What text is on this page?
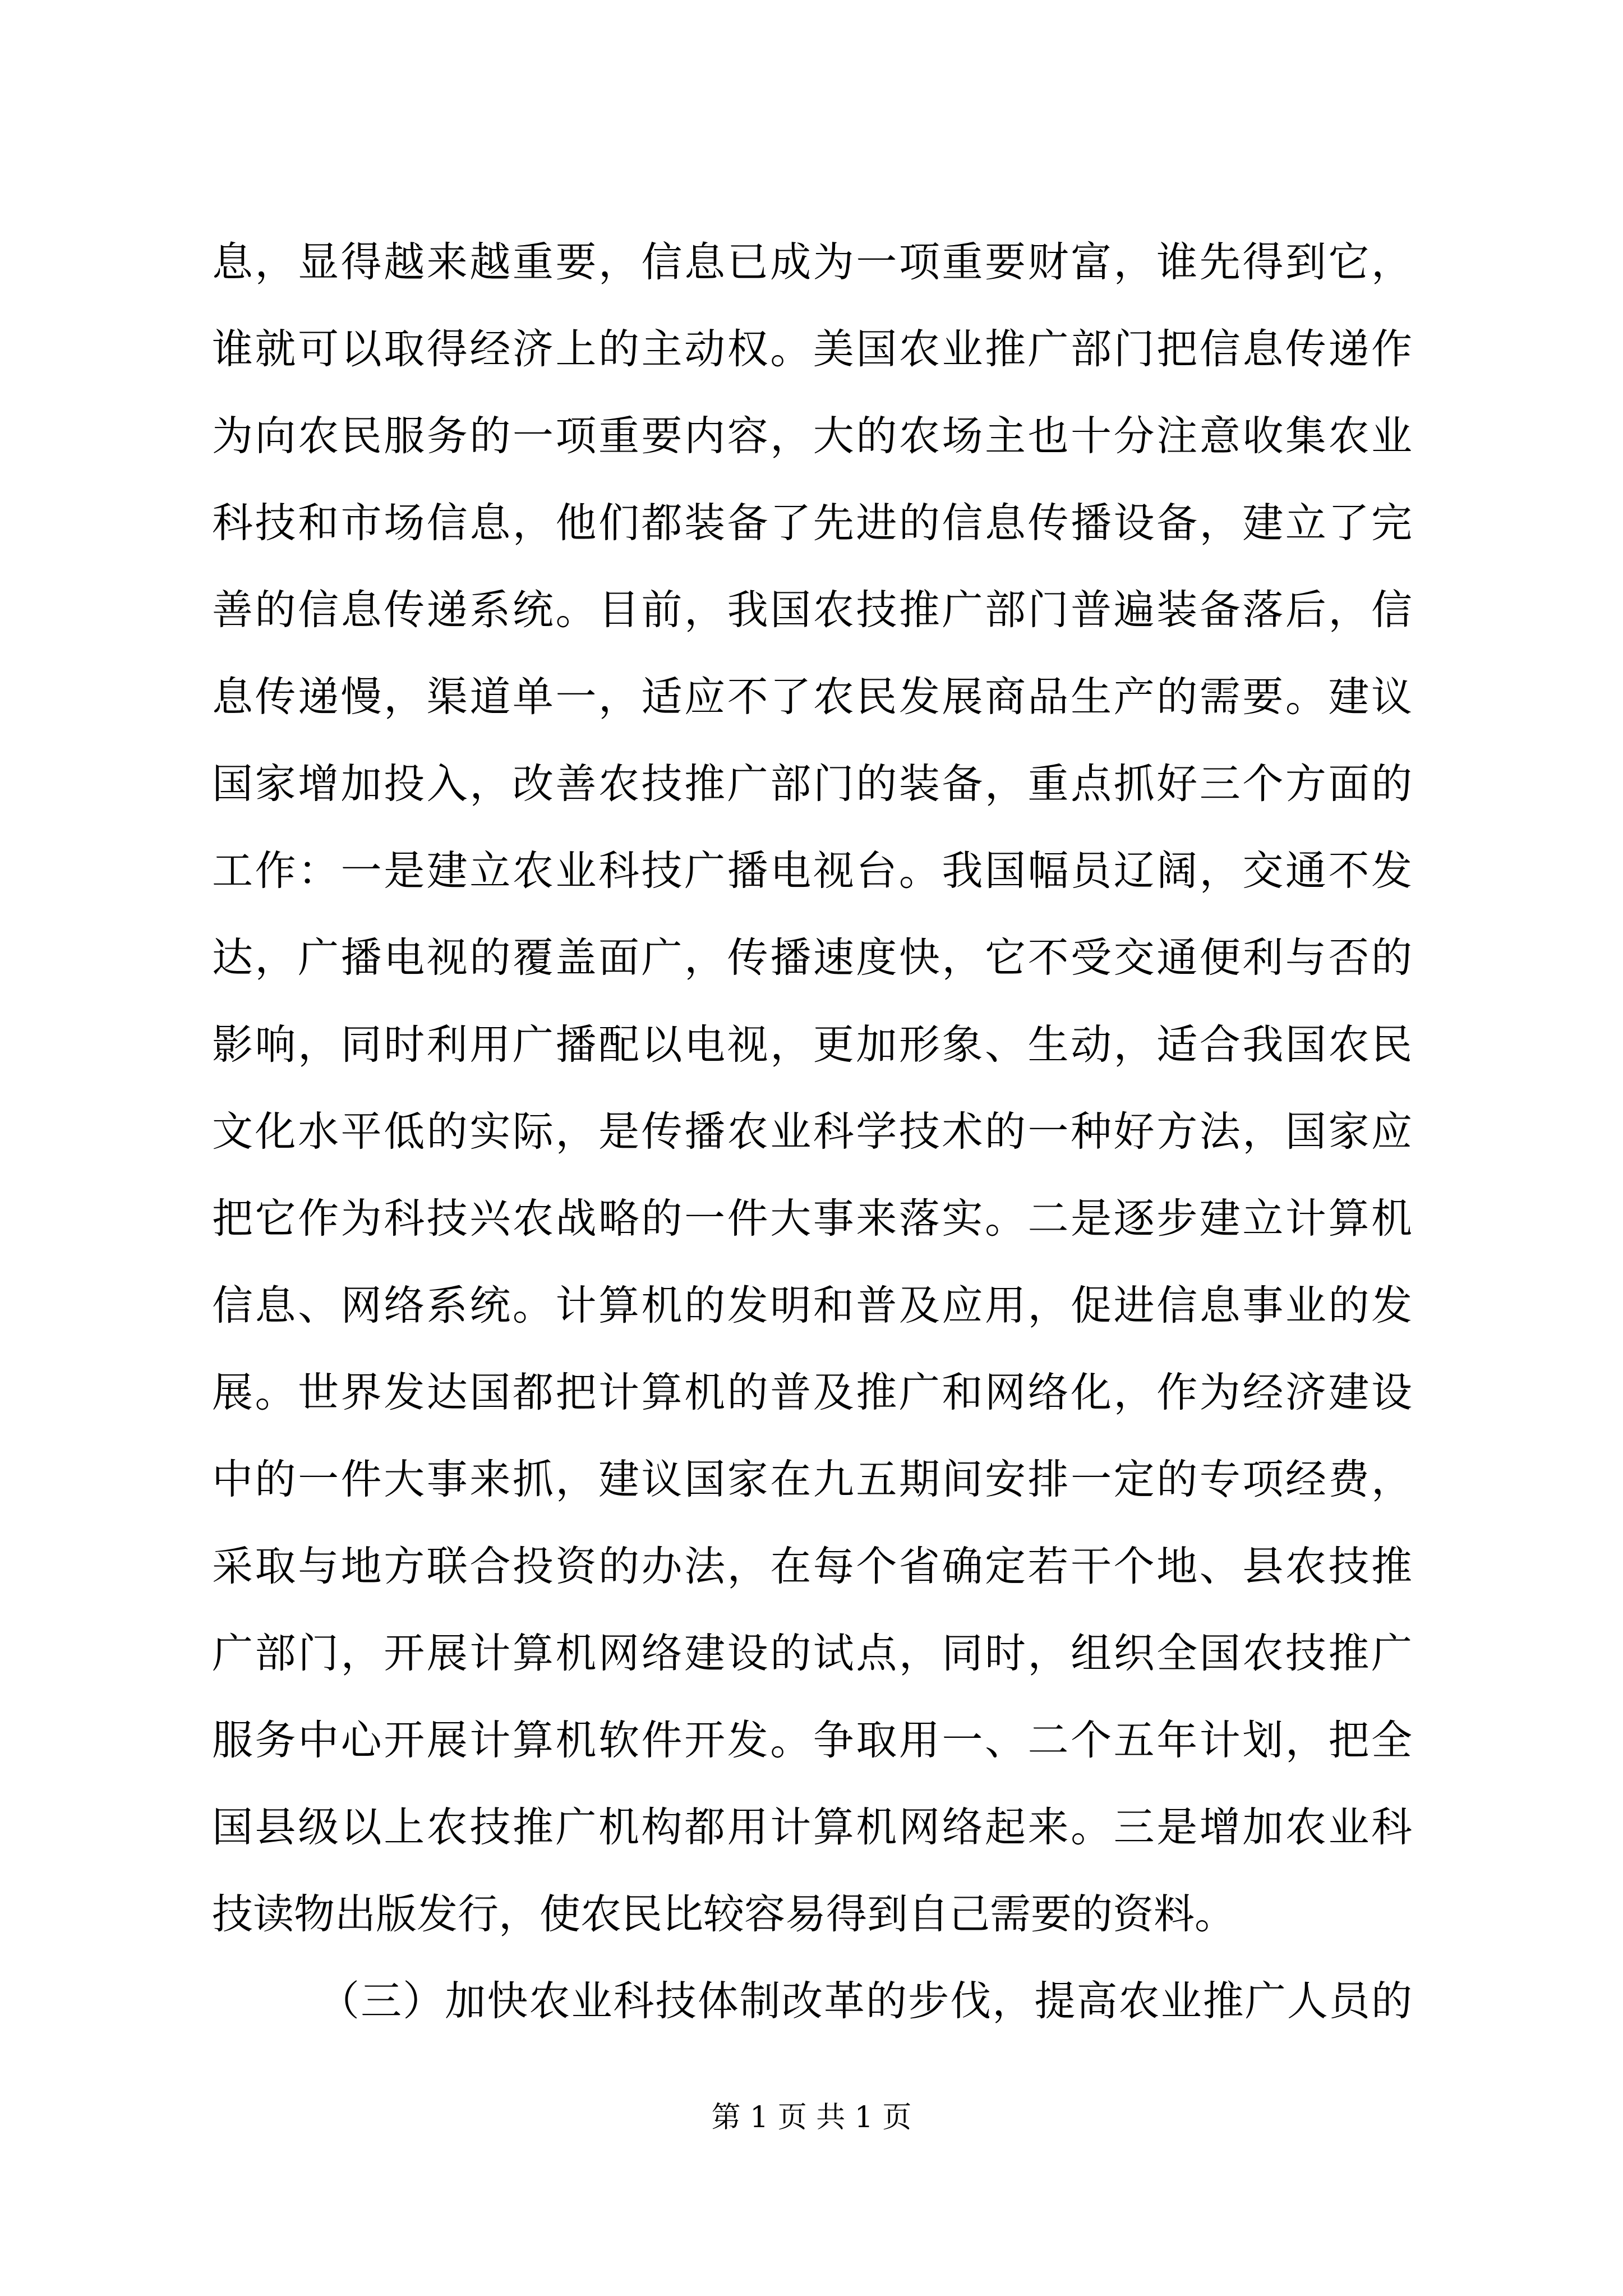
息，显得越来越重要，信息已成为一项重要财富，谁先得到它，
谁就可以取得经济上的主动权。美国农业推广部门把信息传递作
为向农民服务的一项重要内容，大的农场主也十分注意收集农业
科技和市场信息，他们都装备了先进的信息传播设备，建立了完
善的信息传递系统。目前，我国农技推广部门普遍装备落后，信
息传递慢，渠道单一，适应不了农民发展商品生产的需要。建议
国家增加投入，改善农技推广部门的装备，重点抓好三个方面的
工作：一是建立农业科技广播电视台。我国幅员辽阔，交通不发
达，广播电视的覆盖面广，传播速度快，它不受交通便利与否的
影响，同时利用广播配以电视，更加形象、生动，适合我国农民
文化水平低的实际，是传播农业科学技术的一种好方法，国家应
把它作为科技兴农战略的一件大事来落实。二是逐步建立计算机
信息、网络系统。计算机的发明和普及应用，促进信息事业的发
展。世界发达国都把计算机的普及推广和网络化，作为经济建设
中的一件大事来抓，建议国家在九五期间安排一定的专项经费，
采取与地方联合投资的办法，在每个省确定若干个地、县农技推
广部门，开展计算机网络建设的试点，同时，组织全国农技推广
服务中心开展计算机软件开发。争取用一、二个五年计划，把全
国县级以上农技推广机构都用计算机网络起来。三是增加农业科
技读物出版发行，使农民比较容易得到自己需要的资料。
（三）加快农业科技体制改革的步伐，提高农业推广人员的
第 1 页 共 1 页
